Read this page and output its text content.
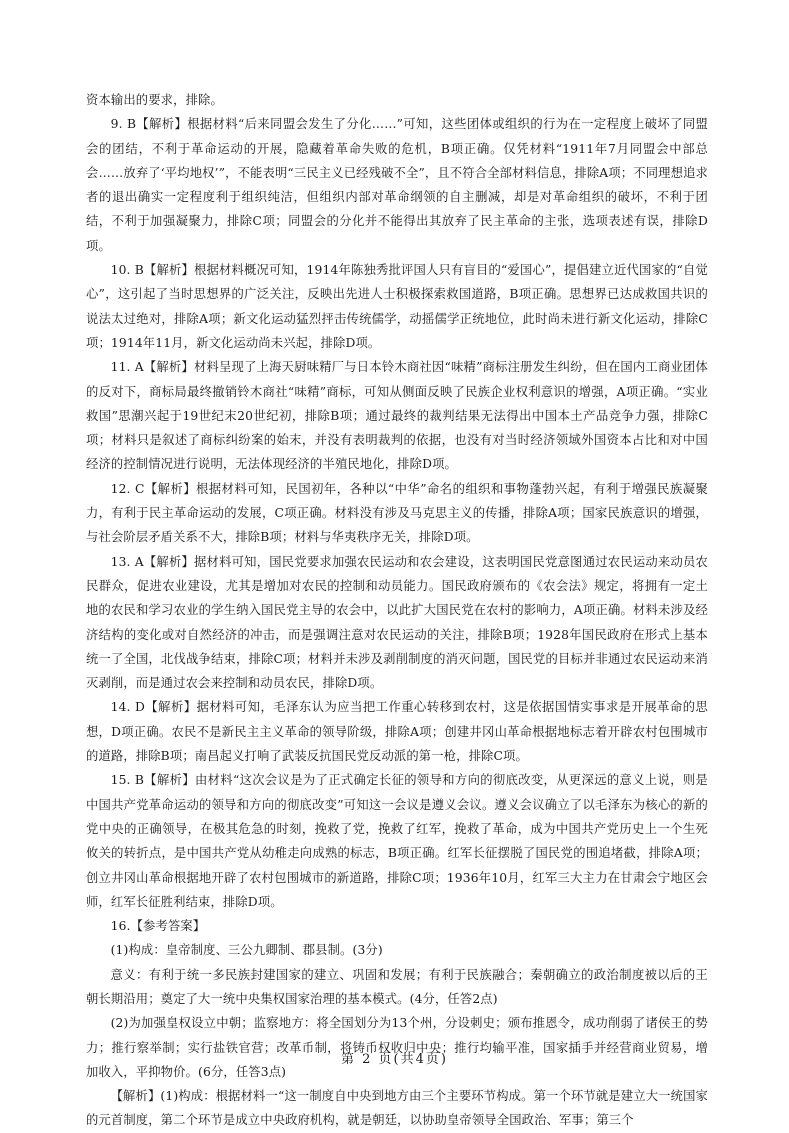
资本输出的要求，排除。

9. B【解析】根据材料“后来同盟会发生了分化……”可知，这些团体或组织的行为在一定程度上破坏了同盟会的团结，不利于革命运动的开展，隐藏着革命失败的危机，B项正确。仅凭材料“1911年7月同盟会中部总会……放弃了‘平均地权’”，不能表明“三民主义已经残破不全”，且不符合全部材料信息，排除A项；不同理想追求者的退出确实一定程度利于组织纯洁，但组织内部对革命纲领的自主删减，却是对革命组织的破坏，不利于团结，不利于加强凝聚力，排除C项；同盟会的分化并不能得出其放弃了民主革命的主张，选项表述有误，排除D项。

10. B【解析】根据材料概况可知，1914年陈独秀批评国人只有盲目的“爱国心”，提倡建立近代国家的“自觉心”，这引起了当时思想界的广泛关注，反映出先进人士积极探索救国道路，B项正确。思想界已达成救国共识的说法太过绝对，排除A项；新文化运动猛烈抨击传统儒学，动摇儒学正统地位，此时尚未进行新文化运动，排除C项；1914年11月，新文化运动尚未兴起，排除D项。

11. A【解析】材料呈现了上海天厨味精厂与日本铃木商社因“味精”商标注册发生纠纷，但在国内工商业团体的反对下，商标局最终撤销铃木商社“味精”商标，可知从侧面反映了民族企业权利意识的增强，A项正确。“实业救国”思潮兴起于19世纪末20世纪初，排除B项；通过最终的裁判结果无法得出中国本土产品竞争力强，排除C项；材料只是叙述了商标纠纷案的始末，并没有表明裁判的依据，也没有对当时经济领域外国资本占比和对中国经济的控制情况进行说明，无法体现经济的半殖民地化，排除D项。

12. C【解析】根据材料可知，民国初年，各种以“中华”命名的组织和事物蓬勃兴起，有利于增强民族凝聚力，有利于民主革命运动的发展，C项正确。材料没有涉及马克思主义的传播，排除A项；国家民族意识的增强，与社会阶层矛盾关系不大，排除B项；材料与华夷秩序无关，排除D项。

13. A【解析】据材料可知，国民党要求加强农民运动和农会建设，这表明国民党意图通过农民运动来动员农民群众，促进农业建设，尤其是增加对农民的控制和动员能力。国民政府颁布的《农会法》规定，将拥有一定土地的农民和学习农业的学生纳入国民党主导的农会中，以此扩大国民党在农村的影响力，A项正确。材料未涉及经济结构的变化或对自然经济的冲击，而是强调注意对农民运动的关注，排除B项；1928年国民政府在形式上基本统一了全国，北伐战争结束，排除C项；材料并未涉及剥削制度的消灭问题，国民党的目标并非通过农民运动来消灭剥削，而是通过农会来控制和动员农民，排除D项。

14. D【解析】据材料可知，毛泽东认为应当把工作重心转移到农村，这是依据国情实事求是开展革命的思想，D项正确。农民不是新民主主义革命的领导阶级，排除A项；创建井冈山革命根据地标志着开辟农村包围城市的道路，排除B项；南昌起义打响了武装反抗国民党反动派的第一枪，排除C项。

15. B【解析】由材料“这次会议是为了正式确定长征的领导和方向的彻底改变，从更深远的意义上说，则是中国共产党革命运动的领导和方向的彻底改变”可知这一会议是遵义会议。遵义会议确立了以毛泽东为核心的新的党中央的正确领导，在极其危急的时刻，挽救了党，挽救了红军，挽救了革命，成为中国共产党历史上一个生死攸关的转折点，是中国共产党从幼稚走向成熟的标志，B项正确。红军长征摆脱了国民党的围追堵截，排除A项；创立井冈山革命根据地开辟了农村包围城市的新道路，排除C项；1936年10月，红军三大主力在甘肃会宁地区会师，红军长征胜利结束，排除D项。

16.【参考答案】

(1)构成：皇帝制度、三公九卿制、郡县制。(3分)

意义：有利于统一多民族封建国家的建立、巩固和发展；有利于民族融合；秦朝确立的政治制度被以后的王朝长期沿用；奠定了大一统中央集权国家治理的基本模式。(4分，任答2点)

(2)为加强皇权设立中朝；监察地方：将全国划分为13个州，分设刺史；颁布推恩令，成功削弱了诸侯王的势力；推行察举制；实行盐铁官营；改革币制，将铸币权收归中央；推行均输平准，国家插手并经营商业贸易，增加收入，平抑物价。(6分，任答3点)

【解析】(1)构成：根据材料一“这一制度自中央到地方由三个主要环节构成。第一个环节就是建立大一统国家的元首制度，第二个环节是成立中央政府机构，就是朝廷，以协助皇帝领导全国政治、军事；第三个

第 2 页(共4页)
